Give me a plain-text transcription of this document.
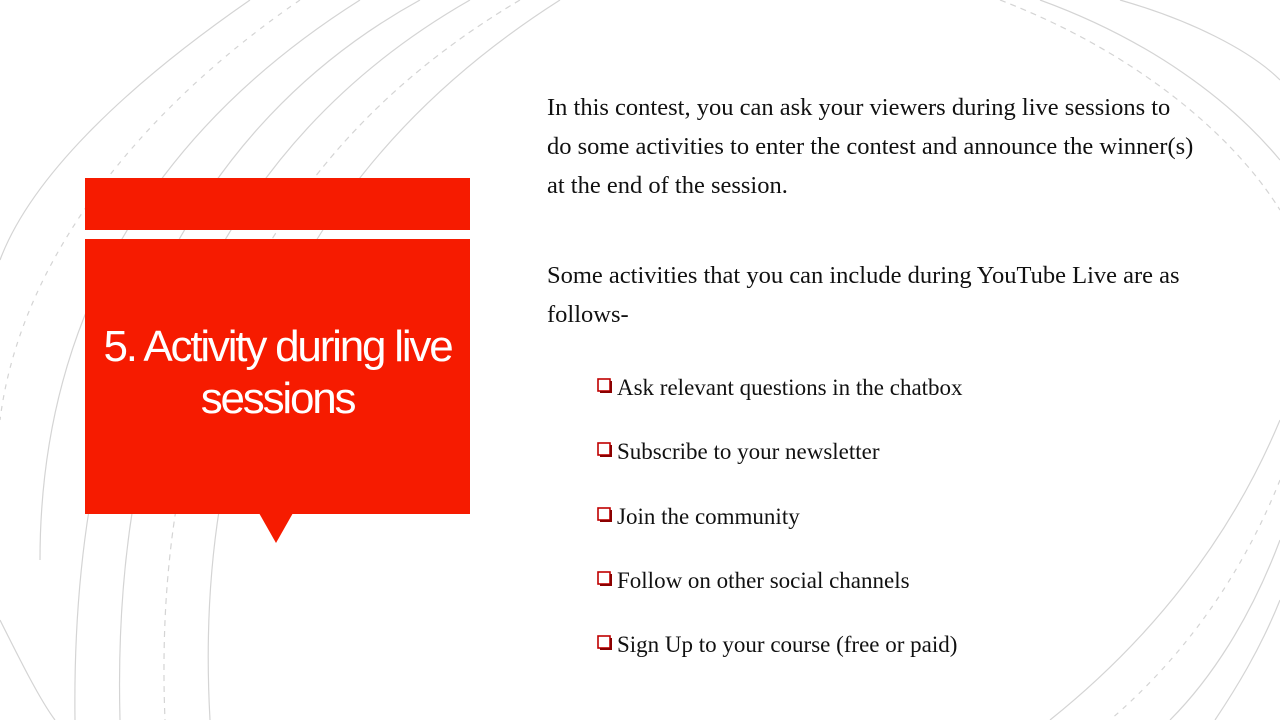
5. Activity during live sessions

In this contest, you can ask your viewers during live sessions to do some activities to enter the contest and announce the winner(s) at the end of the session.

Some activities that you can include during YouTube Live are as follows-

Ask relevant questions in the chatbox
Subscribe to your newsletter
Join the community
Follow on other social channels
Sign Up to your course (free or paid)
